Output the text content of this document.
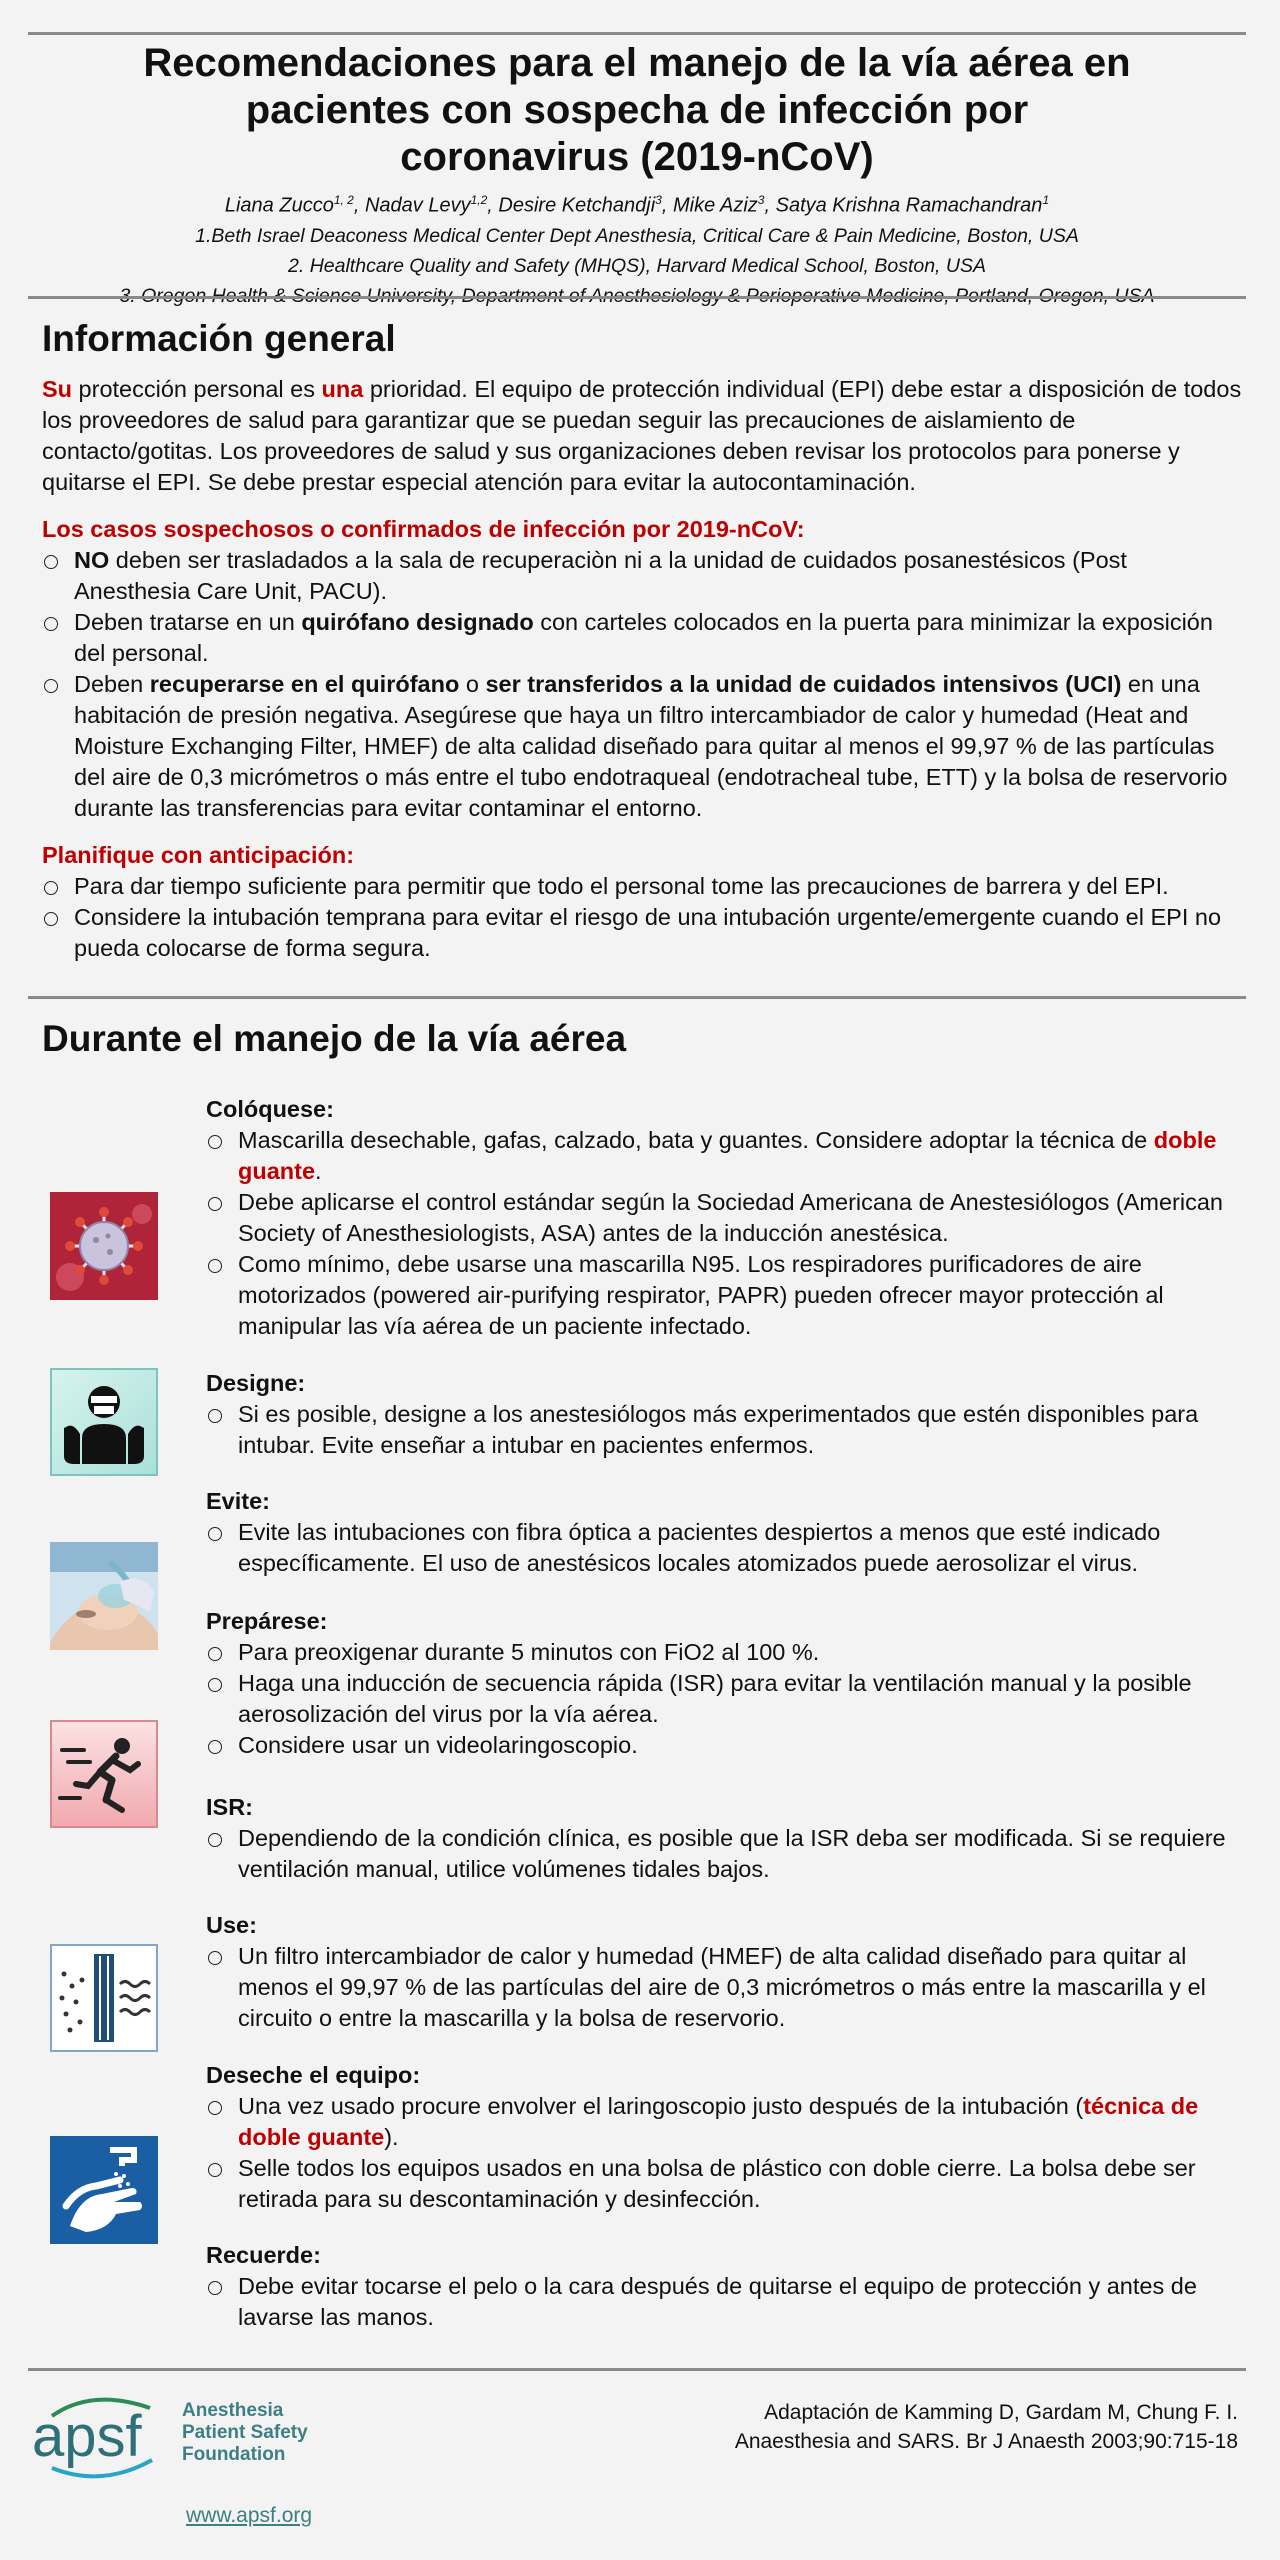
Recomendaciones para el manejo de la vía aérea en
pacientes con sospecha de infección por
coronavirus (2019-nCoV)
Liana Zucco$^{1, 2}$, Nadav Levy$^{1,2}$, Desire Ketchandji$^3$, Mike Aziz$^3$, Satya Krishna Ramachandran$^1$
1.Beth Israel Deaconess Medical Center Dept Anesthesia, Critical Care & Pain Medicine, Boston, USA
2. Healthcare Quality and Safety (MHQS), Harvard Medical School, Boston, USA
Información general

Su protección personal es una prioridad. El equipo de protección individual (EPI) debe estar a disposición de todos los proveedores de salud para garantizar que se puedan seguir las precauciones de aislamiento de contacto/gotitas. Los proveedores de salud y sus organizaciones deben revisar los protocolos para ponerse y quitarse el EPI. Se debe prestar especial atención para evitar la autocontaminación.

Los casos sospechosos o confirmados de infección por 2019-nCoV:

NO deben ser trasladados a la sala de recuperaciòn ni a la unidad de cuidados posanestésicos (Post Anesthesia Care Unit, PACU).
Deben tratarse en un quirófano designado con carteles colocados en la puerta para minimizar la exposición del personal.
Deben recuperarse en el quirófano o ser transferidos a la unidad de cuidados intensivos (UCI) en una habitación de presión negativa. Asegúrese que haya un filtro intercambiador de calor y humedad (Heat and Moisture Exchanging Filter, HMEF) de alta calidad diseñado para quitar al menos el 99,97 % de las partículas del aire de 0,3 micrómetros o más entre el tubo endotraqueal (endotracheal tube, ETT) y la bolsa de reservorio durante las transferencias para evitar contaminar el entorno.

Planifique con anticipación:

Para dar tiempo suficiente para permitir que todo el personal tome las precauciones de barrera y del EPI.
Considere la intubación temprana para evitar el riesgo de una intubación urgente/emergente cuando el EPI no pueda colocarse de forma segura.
Durante el manejo de la vía aérea

Colóquese:

Mascarilla desechable, gafas, calzado, bata y guantes. Considere adoptar la técnica de doble guante.
Debe aplicarse el control estándar según la Sociedad Americana de Anestesiólogos (American Society of Anesthesiologists, ASA) antes de la inducción anestésica.
Como mínimo, debe usarse una mascarilla N95. Los respiradores purificadores de aire motorizados (powered air-purifying respirator, PAPR) pueden ofrecer mayor protección al manipular las vía aérea de un paciente infectado.

Designe:

Si es posible, designe a los anestesiólogos más experimentados que estén disponibles para intubar. Evite enseñar a intubar en pacientes enfermos.

Evite:

Evite las intubaciones con fibra óptica a pacientes despiertos a menos que esté indicado específicamente. El uso de anestésicos locales atomizados puede aerosolizar el virus.

Prepárese:

Para preoxigenar durante 5 minutos con FiO2 al 100 %.
Haga una inducción de secuencia rápida (ISR) para evitar la ventilación manual y la posible aerosolización del virus por la vía aérea.
Considere usar un videolaringoscopio.

ISR:

Dependiendo de la condición clínica, es posible que la ISR deba ser modificada. Si se requiere ventilación manual, utilice volúmenes tidales bajos.

Use:

Un filtro intercambiador de calor y humedad (HMEF) de alta calidad diseñado para quitar al menos el 99,97 % de las partículas del aire de 0,3 micrómetros o más entre la mascarilla y el circuito o entre la mascarilla y la bolsa de reservorio.

Deseche el equipo:

Una vez usado procure envolver el laringoscopio justo después de la intubación (técnica de doble guante).
Selle todos los equipos usados en una bolsa de plástico con doble cierre. La bolsa debe ser retirada para su descontaminación y desinfección.

Recuerde:

Debe evitar tocarse el pelo o la cara después de quitarse el equipo de protección y antes de lavarse las manos.
apsf Anesthesia
Patient Safety
Foundation
Adaptación de Kamming D, Gardam M, Chung F. I.
Anaesthesia and SARS. Br J Anaesth 2003;90:715-18
www.apsf.org
